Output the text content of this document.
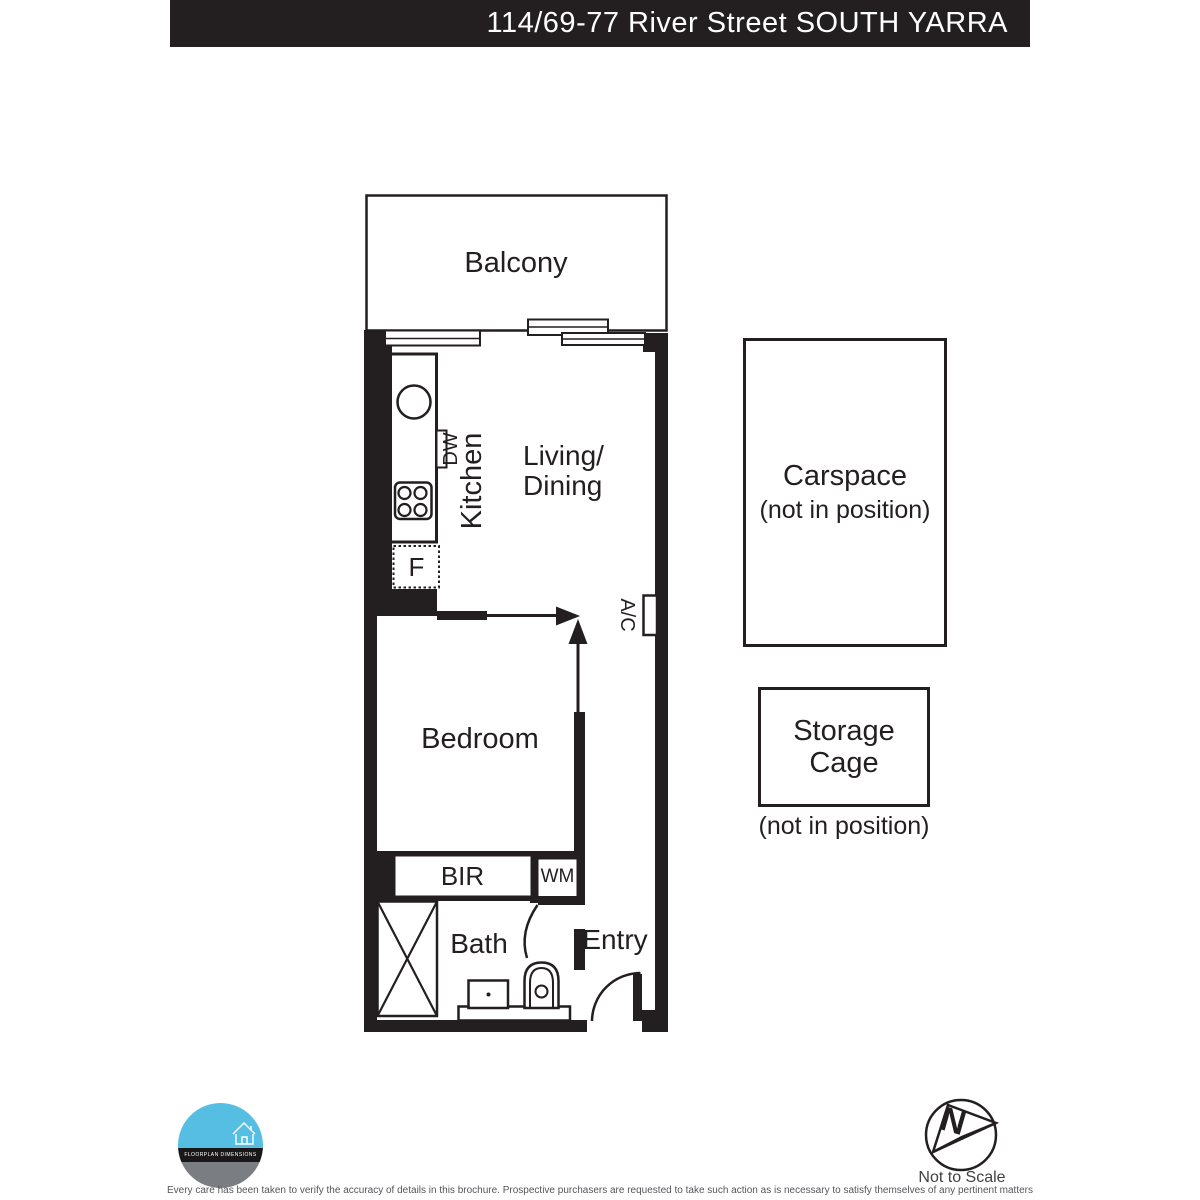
114/69-77 River Street SOUTH YARRA
N
Balcony
Kitchen
DW
F
Living/
Dining
A/C
Bedroom
BIR	WM
Bath	Entry
Carspace
(not in position)
Storage
Cage
(not in position)
FLOORPLAN DIMENSIONS
Not to Scale
Every care has been taken to verify the accuracy of details in this brochure. Prospective purchasers are requested to take such action as is necessary to satisfy themselves of any pertinent matters
